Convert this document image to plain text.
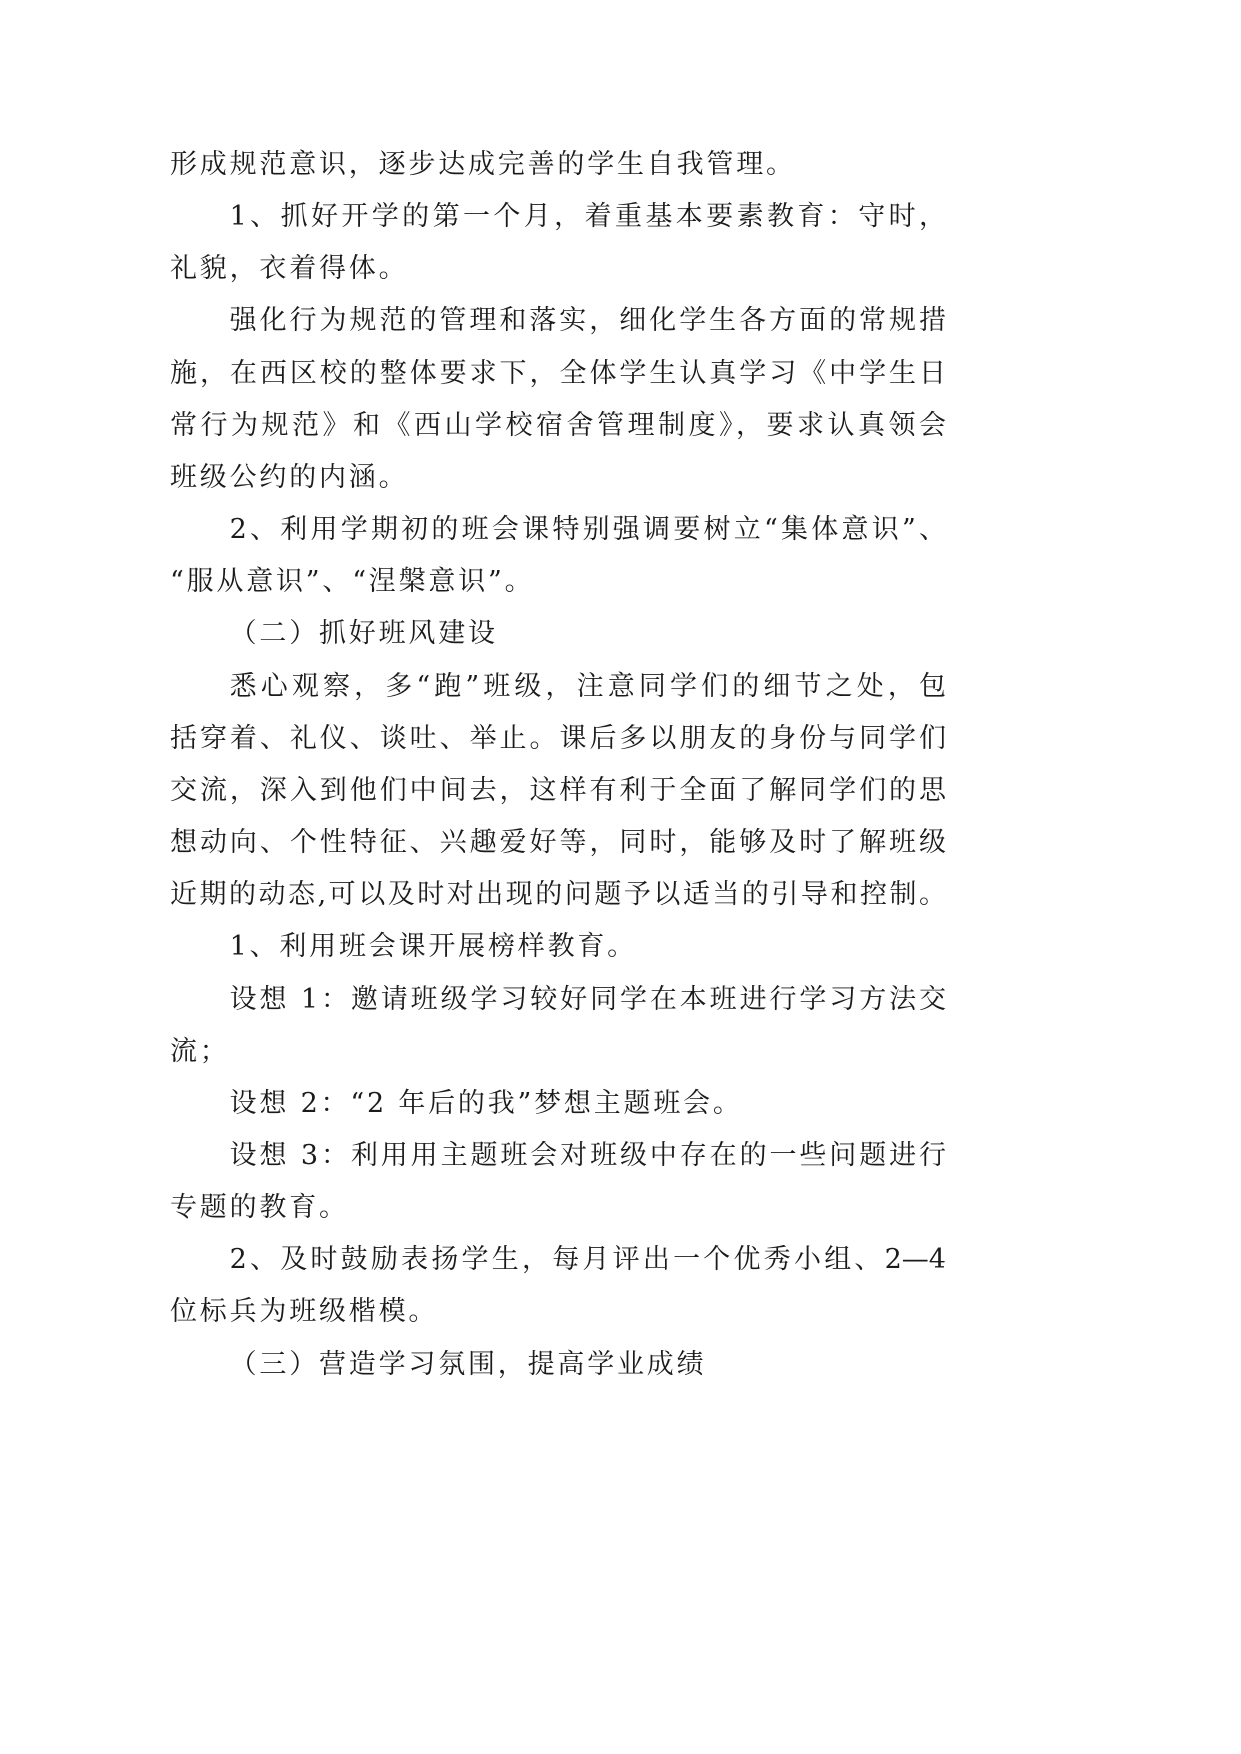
形成规范意识，逐步达成完善的学生自我管理。
1、抓好开学的第一个月，着重基本要素教育：守时，
礼貌，衣着得体。
强化行为规范的管理和落实，细化学生各方面的常规措
施，在西区校的整体要求下，全体学生认真学习《中学生日
常行为规范》和《西山学校宿舍管理制度》，要求认真领会
班级公约的内涵。
2、利用学期初的班会课特别强调要树立“集体意识”、
“服从意识”、“涅槃意识”。
（二）抓好班风建设
悉心观察，多“跑”班级，注意同学们的细节之处，包
括穿着、礼仪、谈吐、举止。课后多以朋友的身份与同学们
交流，深入到他们中间去，这样有利于全面了解同学们的思
想动向、个性特征、兴趣爱好等，同时，能够及时了解班级
近期的动态,可以及时对出现的问题予以适当的引导和控制。
1、利用班会课开展榜样教育。
设想 1：邀请班级学习较好同学在本班进行学习方法交
流；
设想 2：“2 年后的我”梦想主题班会。
设想 3：利用用主题班会对班级中存在的一些问题进行
专题的教育。
2、及时鼓励表扬学生，每月评出一个优秀小组、2—4
位标兵为班级楷模。
（三）营造学习氛围，提高学业成绩
